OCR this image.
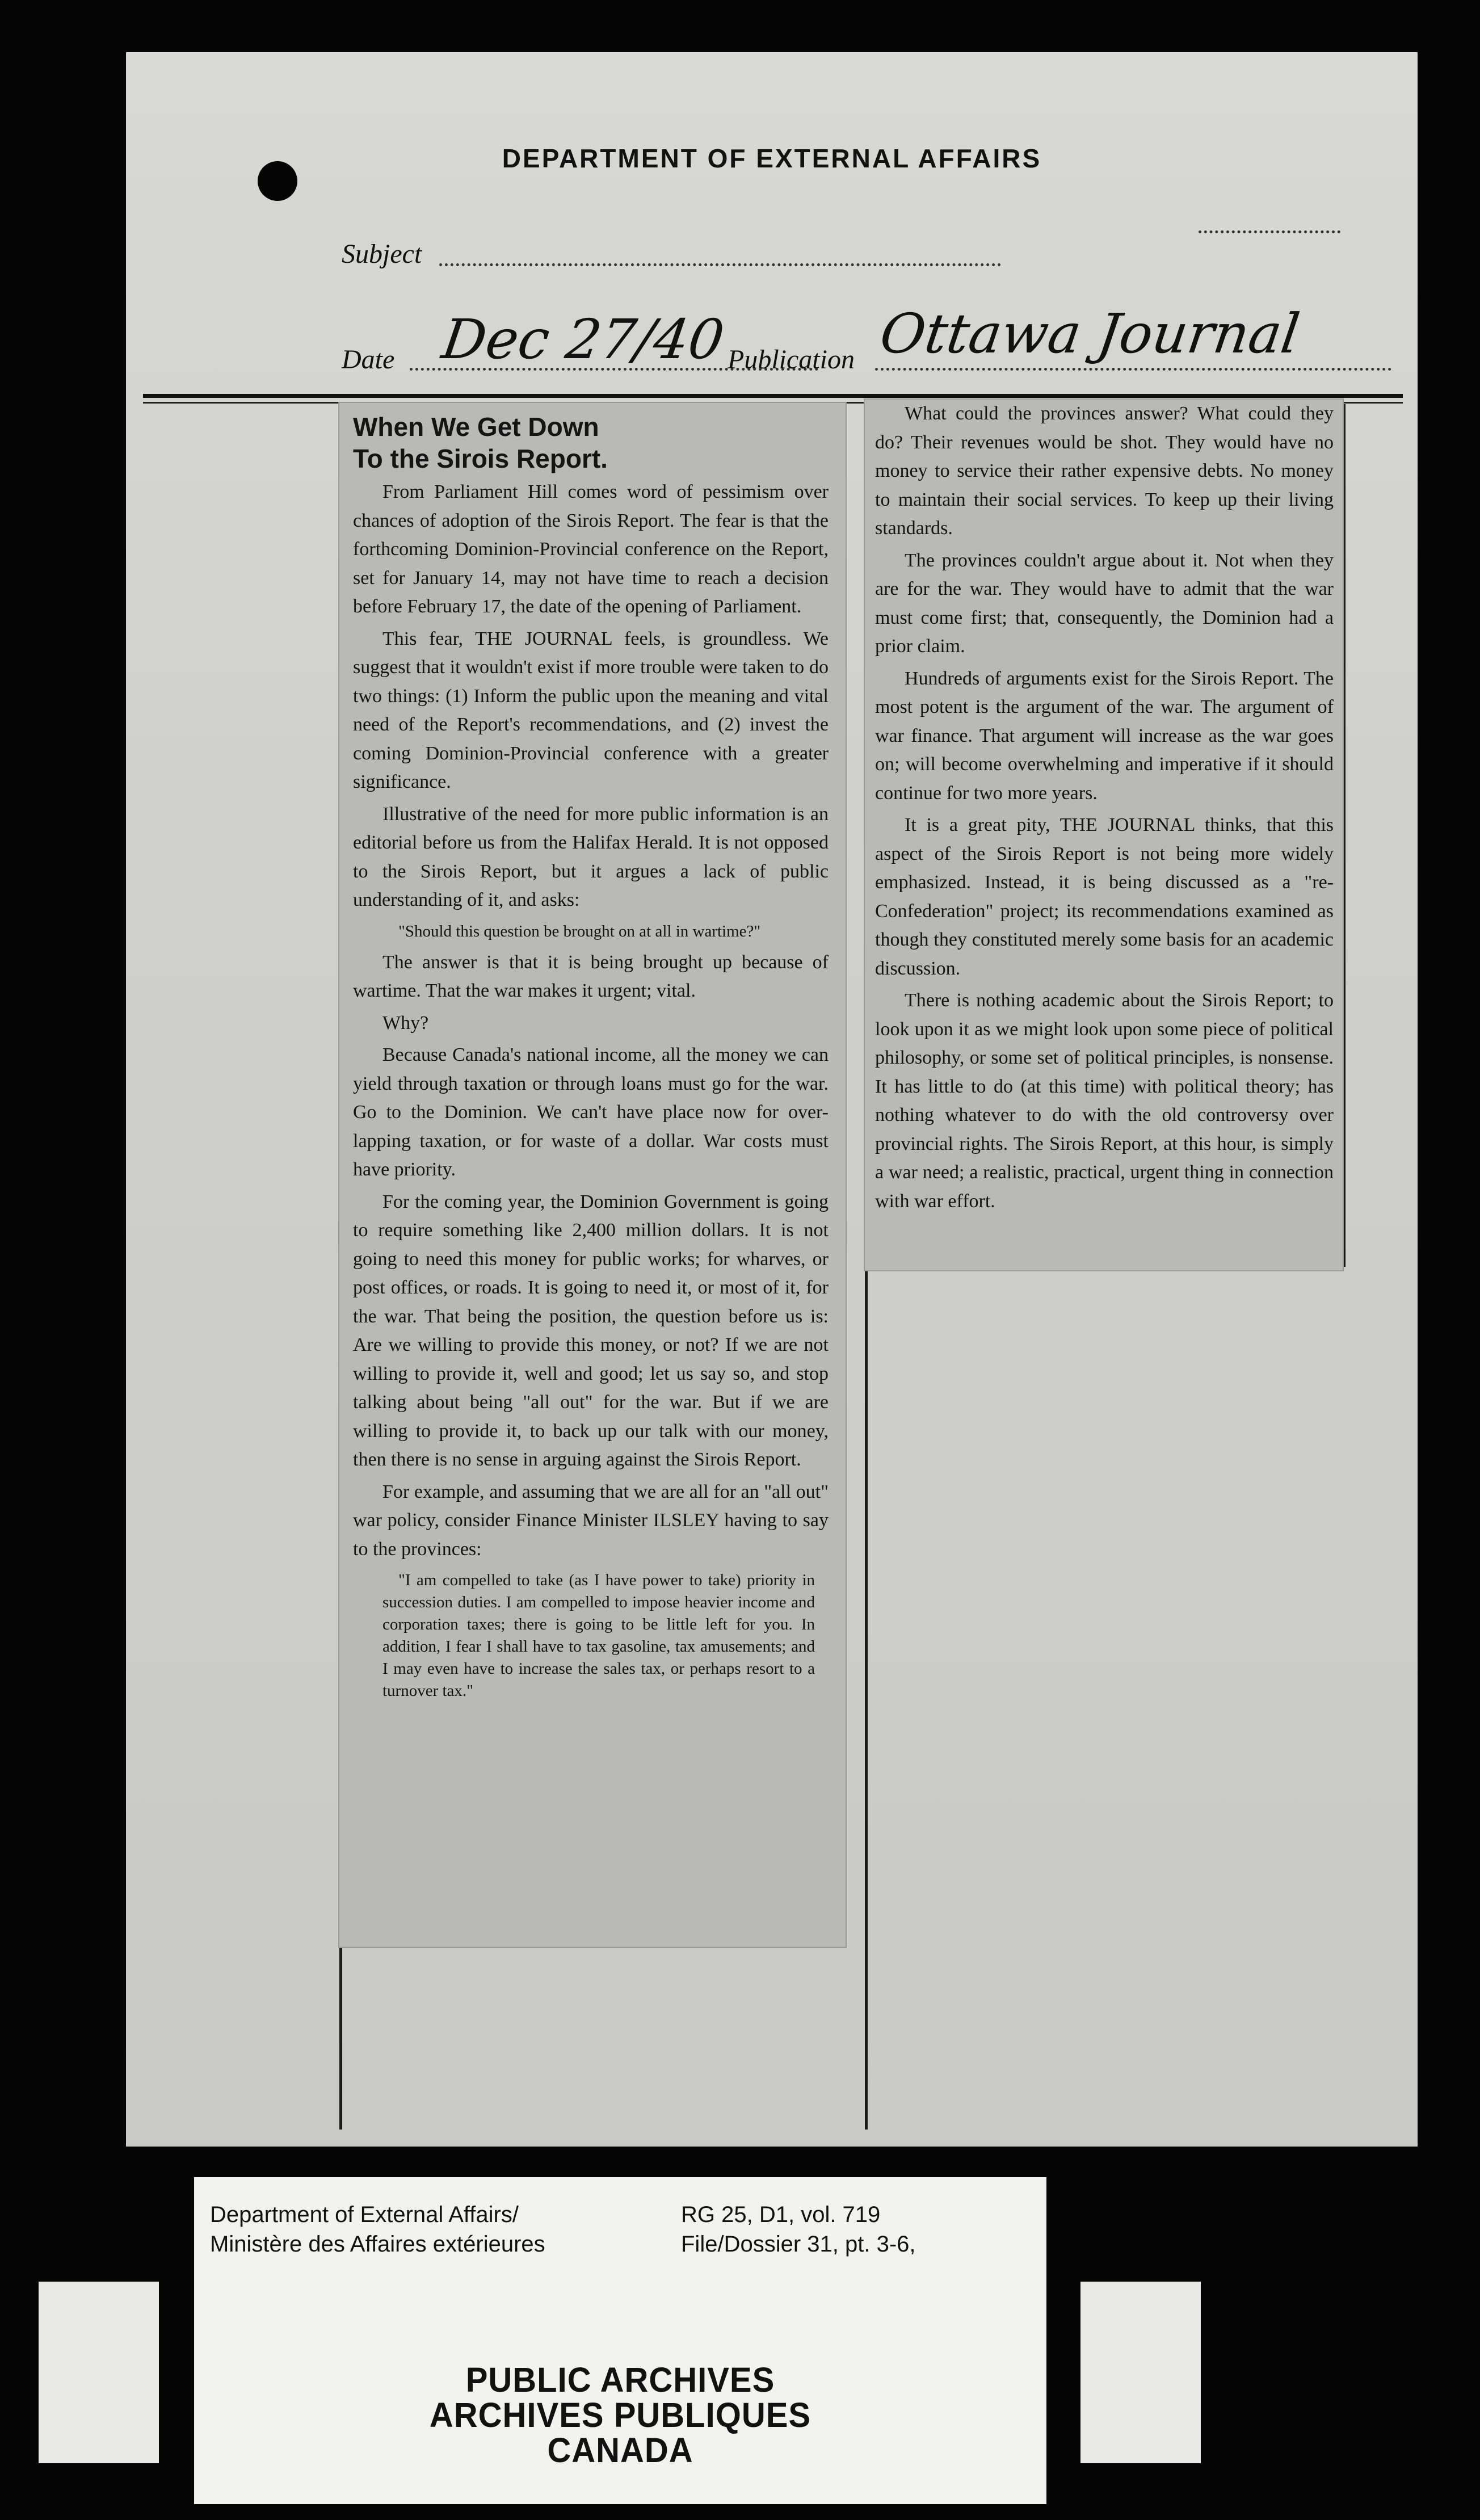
DEPARTMENT OF EXTERNAL AFFAIRS
Subject
Date Dec 27/40 Publication Ottawa Journal

When We Get Down
To the Sirois Report.

From Parliament Hill comes word of pessimism over chances of adoption of the Sirois Report. The fear is that the forthcoming Dominion-Provincial conference on the Report, set for January 14, may not have time to reach a decision before February 17, the date of the opening of Parliament.

This fear, THE JOURNAL feels, is groundless. We suggest that it wouldn't exist if more trouble were taken to do two things: (1) Inform the public upon the meaning and vital need of the Report's recommendations, and (2) invest the coming Dominion-Provincial conference with a greater significance.

Illustrative of the need for more public information is an editorial before us from the Halifax Herald. It is not opposed to the Sirois Report, but it argues a lack of public understanding of it, and asks:

"Should this question be brought on at all in wartime?"

The answer is that it is being brought up because of wartime. That the war makes it urgent; vital.

Why?

Because Canada's national income, all the money we can yield through taxation or through loans must go for the war. Go to the Dominion. We can't have place now for over-lapping taxation, or for waste of a dollar. War costs must have priority.

For the coming year, the Dominion Government is going to require something like 2,400 million dollars. It is not going to need this money for public works; for wharves, or post offices, or roads. It is going to need it, or most of it, for the war. That being the position, the question before us is: Are we willing to provide this money, or not? If we are not willing to provide it, well and good; let us say so, and stop talking about being "all out" for the war. But if we are willing to provide it, to back up our talk with our money, then there is no sense in arguing against the Sirois Report.

For example, and assuming that we are all for an "all out" war policy, consider Finance Minister ILSLEY having to say to the provinces:

"I am compelled to take (as I have power to take) priority in succession duties. I am compelled to impose heavier income and corporation taxes; there is going to be little left for you. In addition, I fear I shall have to tax gasoline, tax amusements; and I may even have to increase the sales tax, or perhaps resort to a turnover tax."

What could the provinces answer? What could they do? Their revenues would be shot. They would have no money to service their rather expensive debts. No money to maintain their social services. To keep up their living standards.

The provinces couldn't argue about it. Not when they are for the war. They would have to admit that the war must come first; that, consequently, the Dominion had a prior claim.

Hundreds of arguments exist for the Sirois Report. The most potent is the argument of the war. The argument of war finance. That argument will increase as the war goes on; will become overwhelming and imperative if it should continue for two more years.

It is a great pity, THE JOURNAL thinks, that this aspect of the Sirois Report is not being more widely emphasized. Instead, it is being discussed as a "re-Confederation" project; its recommendations examined as though they constituted merely some basis for an academic discussion.

There is nothing academic about the Sirois Report; to look upon it as we might look upon some piece of political philosophy, or some set of political principles, is nonsense. It has little to do (at this time) with political theory; has nothing whatever to do with the old controversy over provincial rights. The Sirois Report, at this hour, is simply a war need; a realistic, practical, urgent thing in connection with war effort.

Department of External Affairs/
Ministère des Affaires extérieures
RG 25, D1, vol. 719
File/Dossier 31, pt. 3-6,
PUBLIC ARCHIVES
ARCHIVES PUBLIQUES
CANADA
